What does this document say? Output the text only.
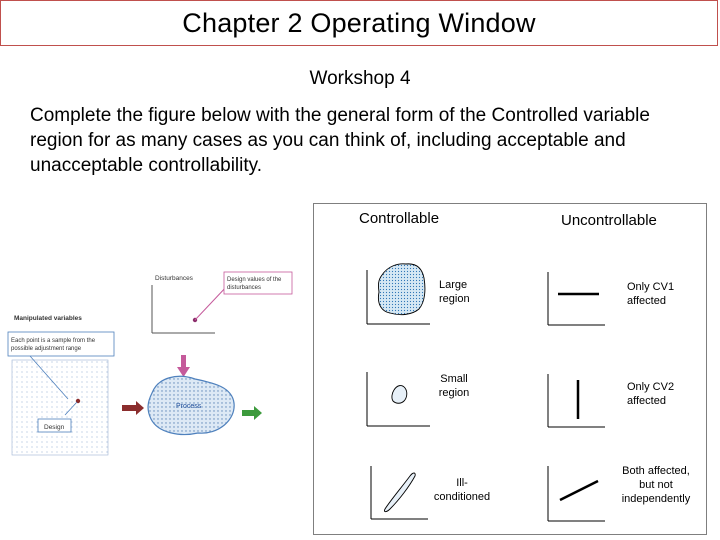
Chapter 2 Operating Window
Workshop 4
Complete the figure below with the general form of the Controlled variable region for as many cases as you can think of, including acceptable and unacceptable controllability.
Disturbances	Design values of the disturbances
Manipulated variables
Each point is a sample from the possible adjustment range
Design
Process
Controllable	Uncontrollable
Large region
Small region
Ill-conditioned
Only CV1 affected
Only CV2 affected
Both affected, but not independently
